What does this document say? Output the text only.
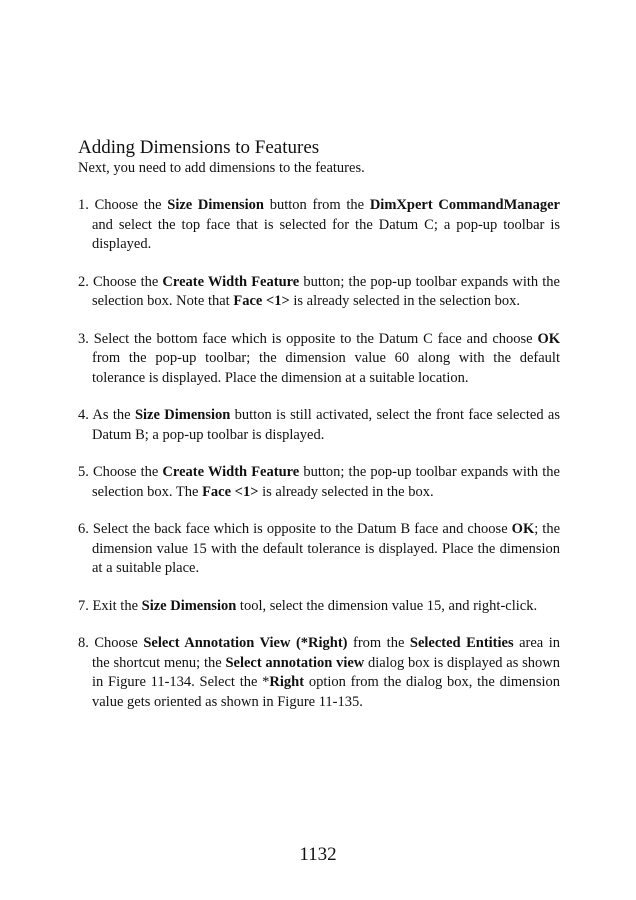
Adding Dimensions to Features

Next, you need to add dimensions to the features.

1. Choose the Size Dimension button from the DimXpert CommandManager and select the top face that is selected for the Datum C; a pop-up toolbar is displayed.

2. Choose the Create Width Feature button; the pop-up toolbar expands with the selection box. Note that Face <1> is already selected in the selection box.

3. Select the bottom face which is opposite to the Datum C face and choose OK from the pop-up toolbar; the dimension value 60 along with the default tolerance is displayed. Place the dimension at a suitable location.

4. As the Size Dimension button is still activated, select the front face selected as Datum B; a pop-up toolbar is displayed.

5. Choose the Create Width Feature button; the pop-up toolbar expands with the selection box. The Face <1> is already selected in the box.

6. Select the back face which is opposite to the Datum B face and choose OK; the dimension value 15 with the default tolerance is displayed. Place the dimension at a suitable place.

7. Exit the Size Dimension tool, select the dimension value 15, and right-click.

8. Choose Select Annotation View (*Right) from the Selected Entities area in the shortcut menu; the Select annotation view dialog box is displayed as shown in Figure 11-134. Select the *Right option from the dialog box, the dimension value gets oriented as shown in Figure 11-135.

1132
